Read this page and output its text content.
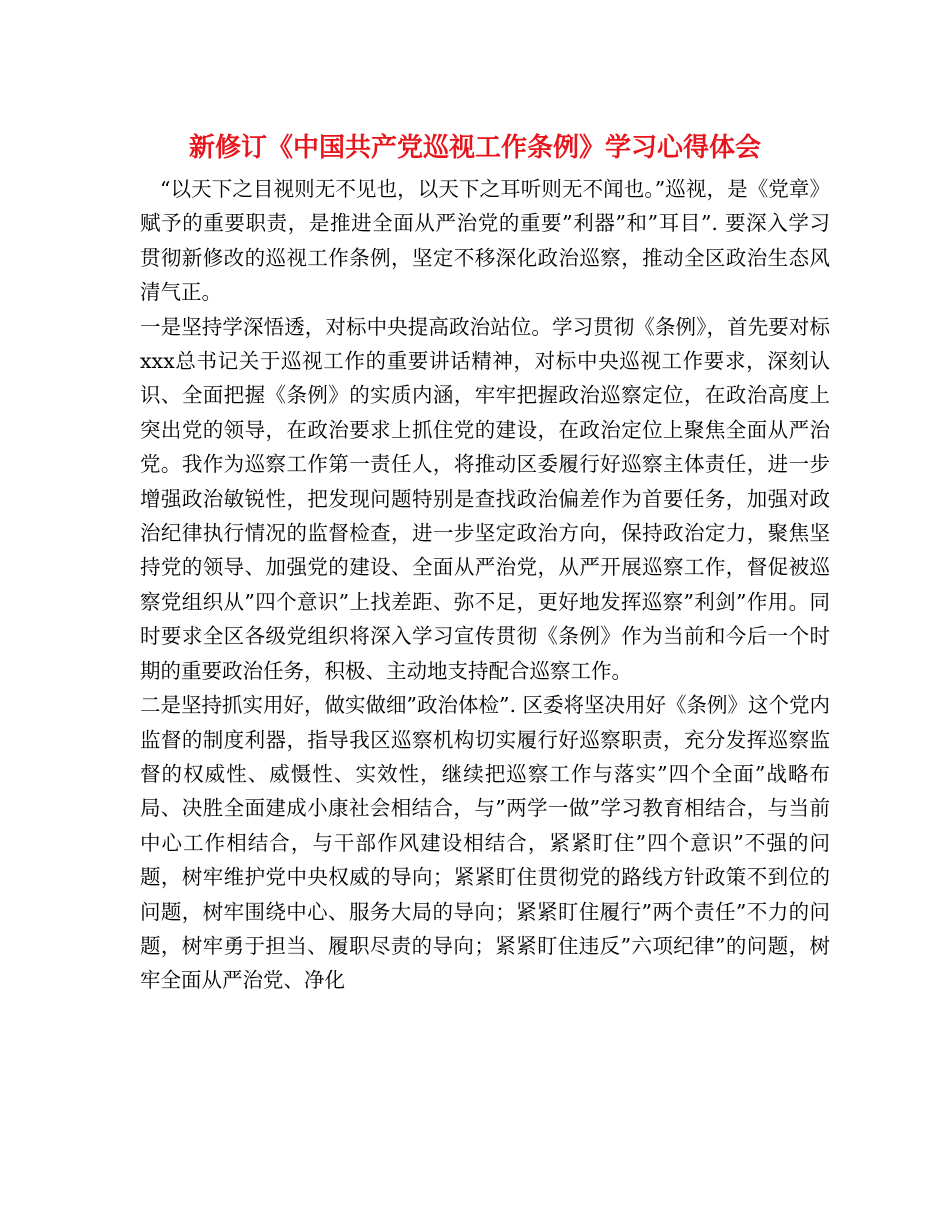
新修订《中国共产党巡视工作条例》学习心得体会

“以天下之目视则无不见也，以天下之耳听则无不闻也。”巡视，是《党章》赋予的重要职责，是推进全面从严治党的重要”利器”和”耳目”. 要深入学习贯彻新修改的巡视工作条例，坚定不移深化政治巡察，推动全区政治生态风清气正。

一是坚持学深悟透，对标中央提高政治站位。学习贯彻《条例》，首先要对标xxx总书记关于巡视工作的重要讲话精神，对标中央巡视工作要求，深刻认识、全面把握《条例》的实质内涵，牢牢把握政治巡察定位，在政治高度上突出党的领导，在政治要求上抓住党的建设，在政治定位上聚焦全面从严治党。我作为巡察工作第一责任人，将推动区委履行好巡察主体责任，进一步增强政治敏锐性，把发现问题特别是查找政治偏差作为首要任务，加强对政治纪律执行情况的监督检查，进一步坚定政治方向，保持政治定力，聚焦坚持党的领导、加强党的建设、全面从严治党，从严开展巡察工作，督促被巡察党组织从”四个意识”上找差距、弥不足，更好地发挥巡察”利剑”作用。同时要求全区各级党组织将深入学习宣传贯彻《条例》作为当前和今后一个时期的重要政治任务，积极、主动地支持配合巡察工作。

二是坚持抓实用好，做实做细”政治体检”. 区委将坚决用好《条例》这个党内监督的制度利器，指导我区巡察机构切实履行好巡察职责，充分发挥巡察监督的权威性、威慑性、实效性，继续把巡察工作与落实”四个全面”战略布局、决胜全面建成小康社会相结合，与”两学一做”学习教育相结合，与当前中心工作相结合，与干部作风建设相结合，紧紧盯住”四个意识”不强的问题，树牢维护党中央权威的导向；紧紧盯住贯彻党的路线方针政策不到位的问题，树牢围绕中心、服务大局的导向；紧紧盯住履行”两个责任”不力的问题，树牢勇于担当、履职尽责的导向；紧紧盯住违反”六项纪律”的问题，树牢全面从严治党、净化
